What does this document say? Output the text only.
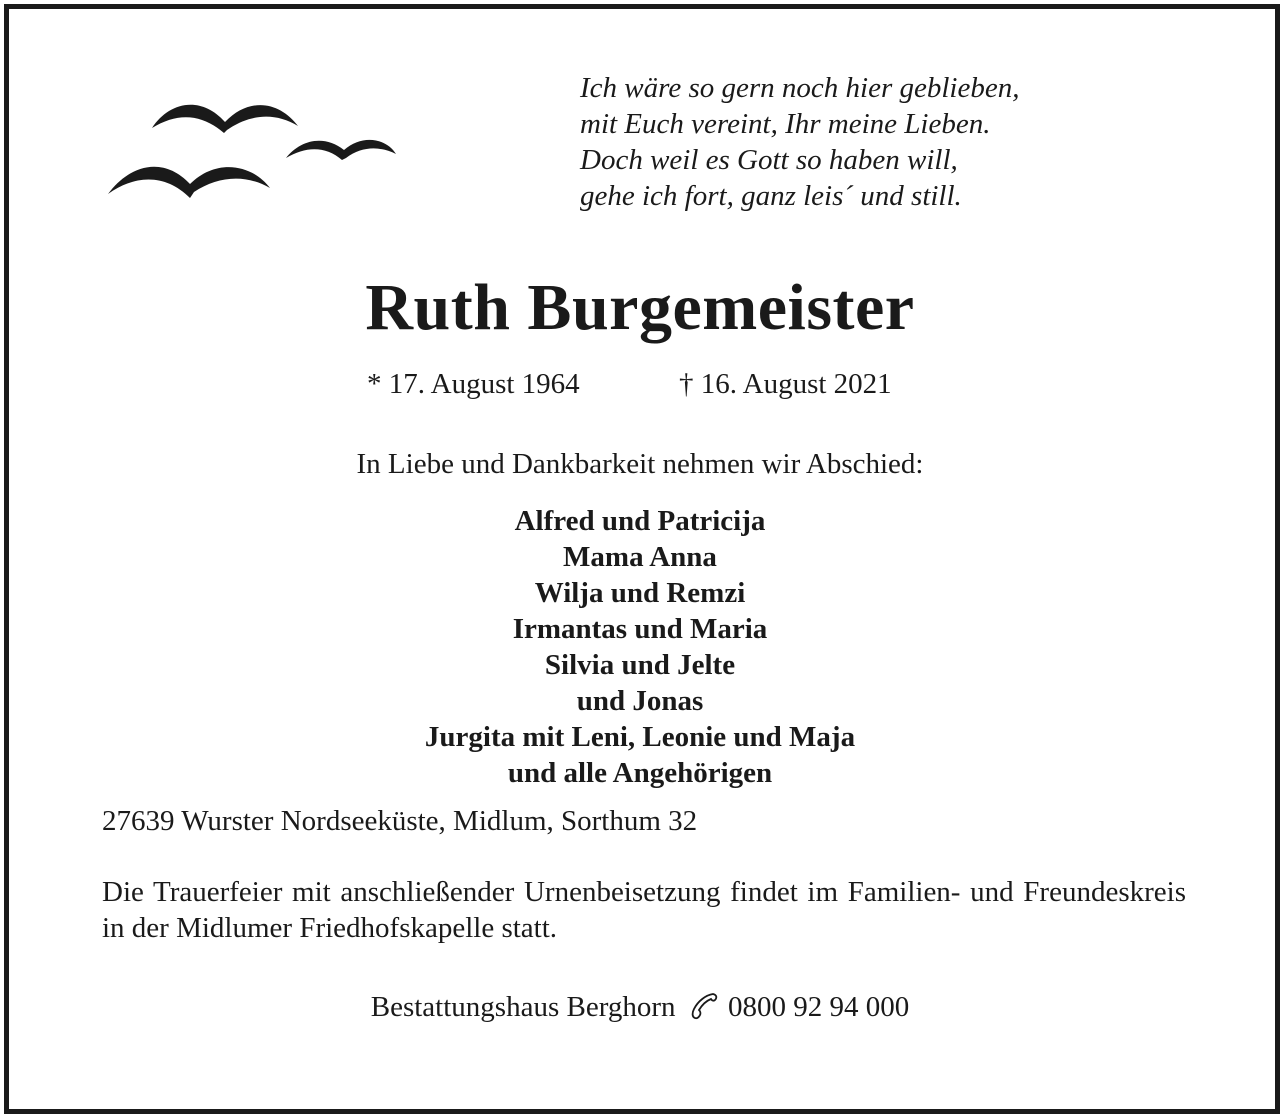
Ich wäre so gern noch hier geblieben,
mit Euch vereint, Ihr meine Lieben.
Doch weil es Gott so haben will,
gehe ich fort, ganz leis´ und still.
Ruth Burgemeister
* 17. August 1964	† 16. August 2021
In Liebe und Dankbarkeit nehmen wir Abschied:
Alfred und Patricija
Mama Anna
Wilja und Remzi
Irmantas und Maria
Silvia und Jelte
und Jonas
Jurgita mit Leni, Leonie und Maja
und alle Angehörigen
27639 Wurster Nordseeküste, Midlum, Sorthum 32
Die Trauerfeier mit anschließender Urnenbeisetzung findet im Familien- und Freundeskreis in der Midlumer Friedhofskapelle statt.
Bestattungshaus Berghorn 0800 92 94 000
